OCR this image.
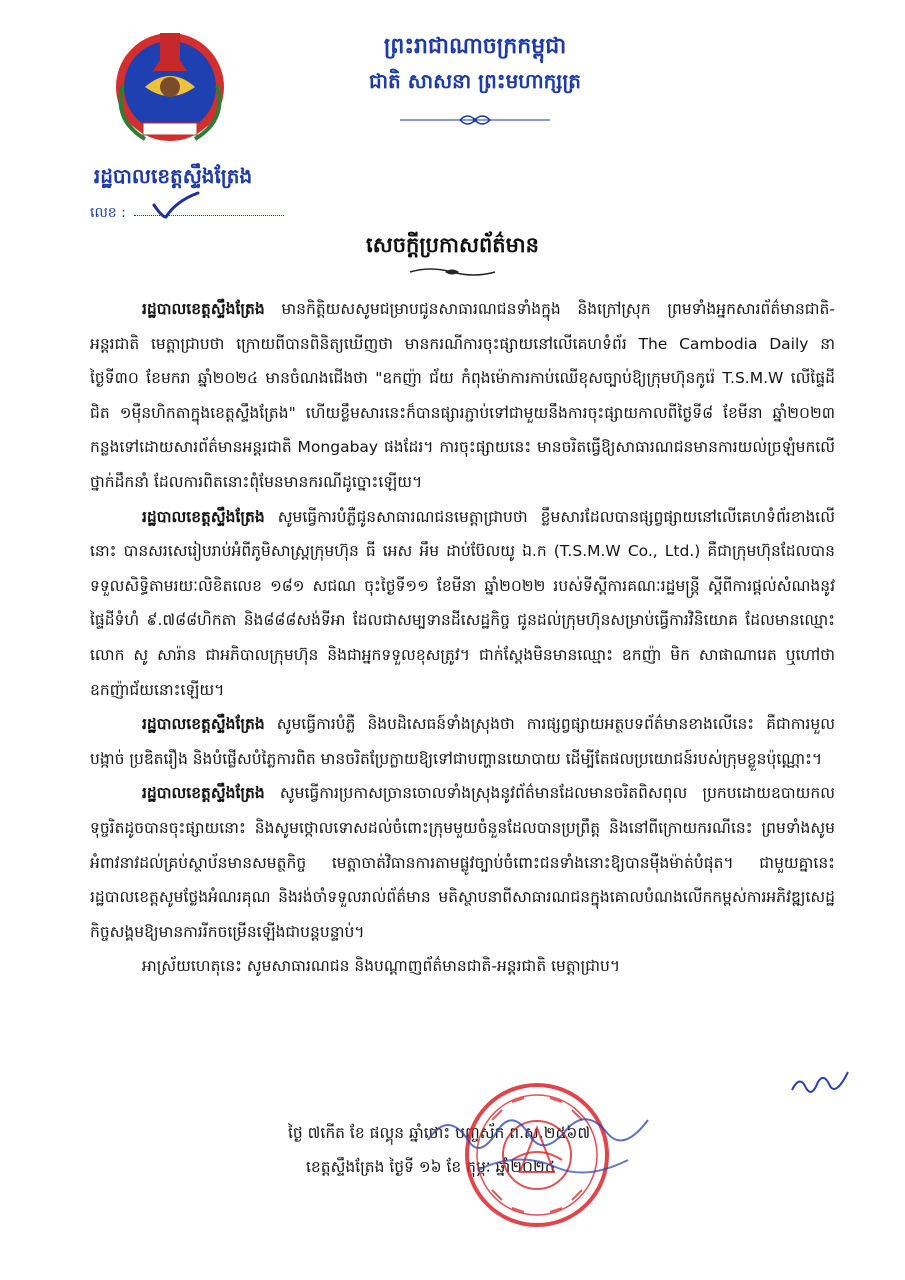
ព្រះរាជាណាចក្រកម្ពុជា
ជាតិ សាសនា ព្រះមហាក្សត្រ
រដ្ឋបាលខេត្តស្ទឹងត្រែង
លេខ :
សេចក្តីប្រកាសព័ត៌មាន

រដ្ឋបាលខេត្តស្ទឹងត្រែង មានកិត្តិយសសូមជម្រាបជូនសាធារណជនទាំងក្នុង និងក្រៅស្រុក ព្រមទាំងអ្នកសារព័ត៌មានជាតិ-អន្តរជាតិ មេត្តាជ្រាបថា ក្រោយពីបានពិនិត្យឃើញថា មានករណីការចុះផ្សាយនៅលើគេហទំព័រ The Cambodia Daily នាថ្ងៃទី៣០ ខែមករា ឆ្នាំ២០២៤ មានចំណងជើងថា "ឧកញ៉ា ជ័យ កំពុងម៉ោការកាប់ឈើខុសច្បាប់ឱ្យក្រុមហ៊ុនកូរ៉េ T.S.M.W លើផ្ទៃដីជិត ១ម៉ឺនហិកតាក្នុងខេត្តស្ទឹងត្រែង" ហើយខ្លឹមសារនេះក៏បានផ្សារភ្ជាប់ទៅជាមួយនឹងការចុះផ្សាយកាលពីថ្ងៃទី៨ ខែមីនា ឆ្នាំ២០២៣ កន្លងទៅដោយសារព័ត៌មានអន្តរជាតិ Mongabay ផងដែរ។ ការចុះផ្សាយនេះ មានចរិតធ្វើឱ្យសាធារណជនមានការយល់ច្រឡំមកលើថ្នាក់ដឹកនាំ ដែលការពិតនោះពុំមែនមានករណីដូច្នោះឡើយ។

រដ្ឋបាលខេត្តស្ទឹងត្រែង សូមធ្វើការបំភ្លឺជូនសាធារណជនមេត្តាជ្រាបថា ខ្លឹមសារដែលបានផ្សព្វផ្សាយនៅលើគេហទំព័រខាងលើនោះ បានសរសេរៀបរាប់អំពីភូមិសាស្ត្រក្រុមហ៊ុន ធី អេស អឹម ដាប់ប៊ែលយូ ឯ.ក (T.S.M.W Co., Ltd.) គឺជាក្រុមហ៊ុនដែលបានទទួលសិទ្ធិតាមរយៈលិខិតលេខ ១៨១ សជណ ចុះថ្ងៃទី១១ ខែមីនា ឆ្នាំ២០២២ របស់ទីស្តីការគណៈរដ្ឋមន្ត្រី ស្តីពីការផ្តល់សំណងនូវផ្ទៃដីទំហំ ៩.៧៨៨ហិកតា និង៨៨៨សង់ទីអា ដែលជាសម្បទានដីសេដ្ឋកិច្ច ជូនដល់ក្រុមហ៊ុនសម្រាប់ធ្វើការវិនិយោគ ដែលមានឈ្មោះលោក សូ សារ៉ាន ជាអភិបាលក្រុមហ៊ុន និងជាអ្នកទទួលខុសត្រូវ។ ជាក់ស្តែងមិនមានឈ្មោះ ឧកញ៉ា មិក សាផាណារេត ឬហៅថាឧកញ៉ាជ័យនោះឡើយ។

រដ្ឋបាលខេត្តស្ទឹងត្រែង សូមធ្វើការបំភ្លឺ និងបដិសេធន៍ទាំងស្រុងថា ការផ្សព្វផ្សាយអត្ថបទព័ត៌មានខាងលើនេះ គឺជាការមួលបង្កាច់ ប្រឌិតរឿង និងបំផ្លើសបំភ្លៃការពិត មានចរិតប្រែក្លាយឱ្យទៅជាបញ្ហានយោបាយ ដើម្បីតែផលប្រយោជន៍របស់ក្រុមខ្លួនប៉ុណ្ណោះ។

រដ្ឋបាលខេត្តស្ទឹងត្រែង សូមធ្វើការប្រកាសច្រានចោលទាំងស្រុងនូវព័ត៌មានដែលមានចរិតពិសពុល ប្រកបដោយឧបាយកលទុច្ចរិតដូចបានចុះផ្សាយនោះ និងសូមថ្កោលទោសដល់ចំពោះក្រុមមួយចំនួនដែលបានប្រព្រឹត្ត និងនៅពីក្រោយករណីនេះ ព្រមទាំងសូមអំពាវនាវដល់គ្រប់ស្ថាប័នមានសមត្ថកិច្ច មេត្តាចាត់វិធានការតាមផ្លូវច្បាប់ចំពោះជនទាំងនោះឱ្យបានម៉ឺងម៉ាត់បំផុត។ ជាមួយគ្នានេះរដ្ឋបាលខេត្តសូមថ្លែងអំណរគុណ និងរង់ចាំទទួលរាល់ព័ត៌មាន មតិស្ថាបនាពីសាធារណជនក្នុងគោលបំណងលើកកម្ពស់ការអភិវឌ្ឍសេដ្ឋកិច្ចសង្គមឱ្យមានការរីកចម្រើនឡើងជាបន្តបន្ទាប់។

អាស្រ័យហេតុនេះ សូមសាធារណជន និងបណ្តាញព័ត៌មានជាតិ-អន្តរជាតិ មេត្តាជ្រាប។

ថ្ងៃ ៧កើត ខែ ផល្គុន ឆ្នាំថោះ បញ្ចស័ក ព.ស.២៥៦៧
ខេត្តស្ទឹងត្រែង ថ្ងៃទី ១៦ ខែ កុម្ភៈ ឆ្នាំ២០២៤
